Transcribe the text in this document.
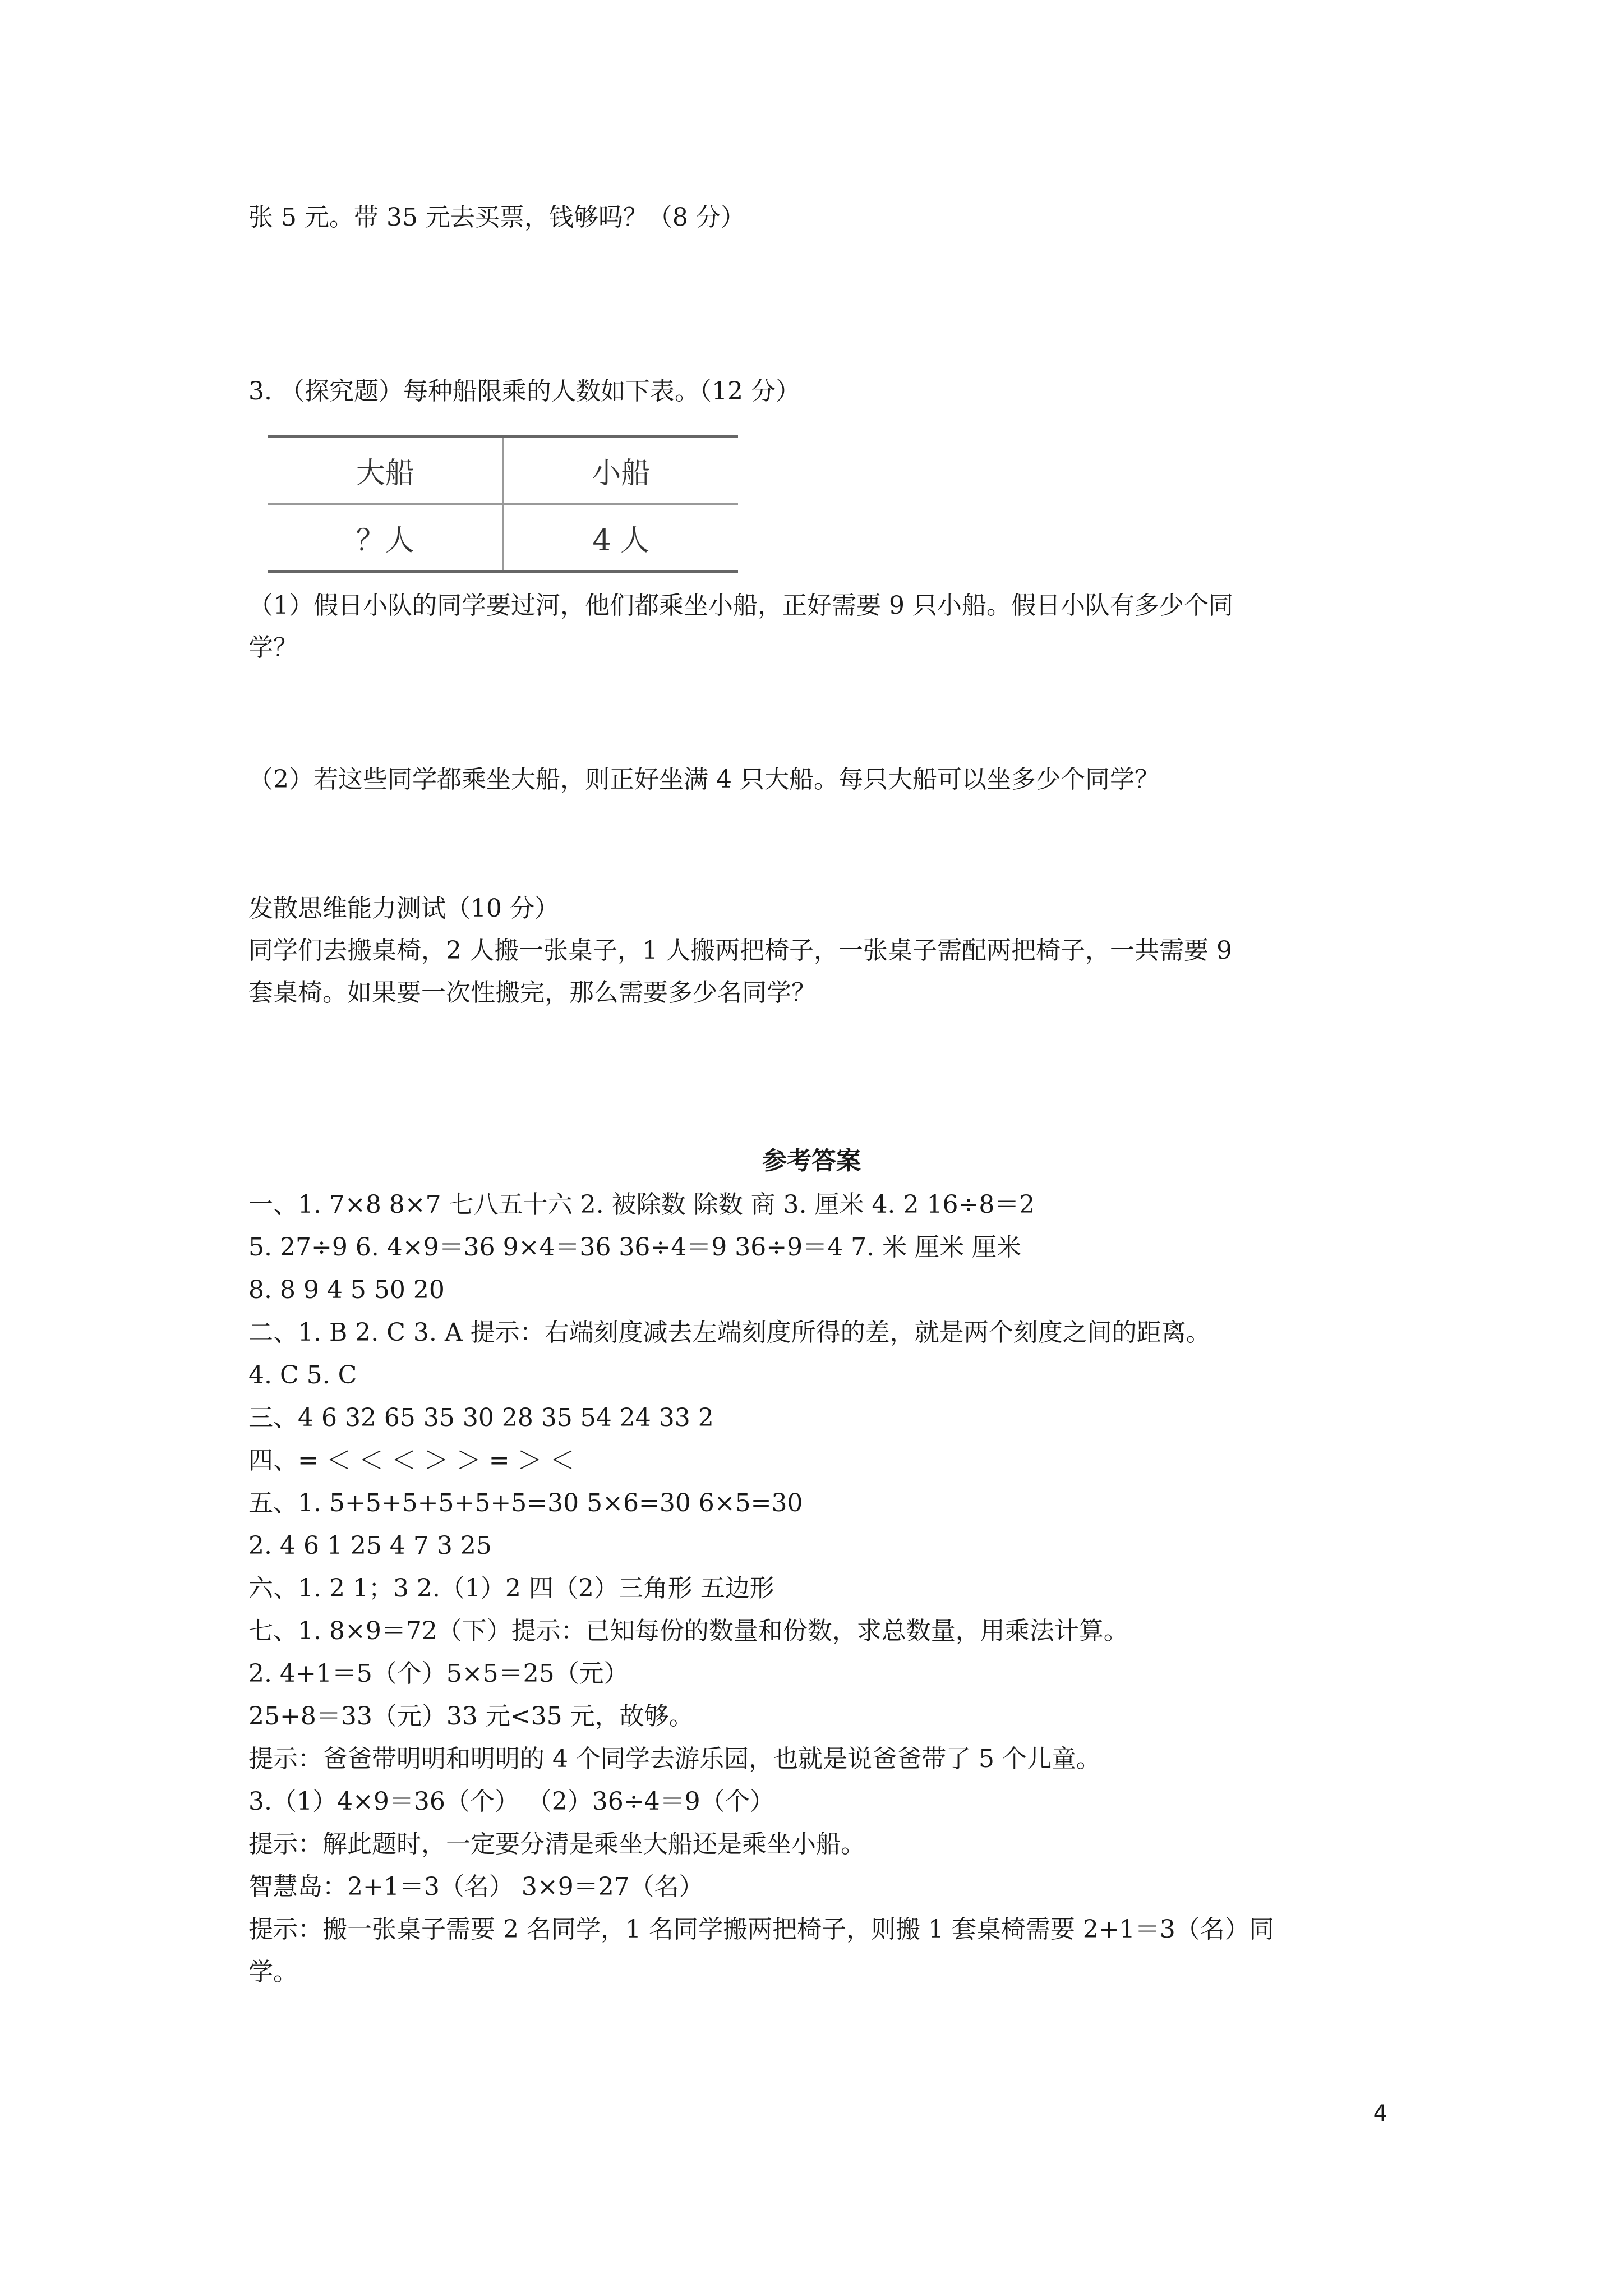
张 5 元。带 35 元去买票，钱够吗？（8 分）
3. （探究题）每种船限乘的人数如下表。（12 分）
大船	小船
？人	4 人
（1）假日小队的同学要过河，他们都乘坐小船，正好需要 9 只小船。假日小队有多少个同
学？
（2）若这些同学都乘坐大船，则正好坐满 4 只大船。每只大船可以坐多少个同学？
发散思维能力测试（10 分）
同学们去搬桌椅，2 人搬一张桌子，1 人搬两把椅子，一张桌子需配两把椅子，一共需要 9
套桌椅。如果要一次性搬完，那么需要多少名同学？
参考答案
一、1. 7×8 8×7 七八五十六 2. 被除数 除数 商 3. 厘米 4. 2 16÷8＝2
5. 27÷9 6. 4×9＝36 9×4＝36 36÷4＝9 36÷9＝4 7. 米 厘米 厘米
8. 8 9 4 5 50 20
二、1. B 2. C 3. A 提示：右端刻度减去左端刻度所得的差，就是两个刻度之间的距离。
4. C 5. C
三、4 6 32 65 35 30 28 35 54 24 33 2
四、= ＜ ＜ ＜ ＞ ＞ = ＞ ＜
五、1. 5+5+5+5+5+5=30 5×6=30 6×5=30
2. 4 6 1 25 4 7 3 25
六、1. 2 1；3 2.（1）2 四（2）三角形 五边形
七、1. 8×9＝72（下）提示：已知每份的数量和份数，求总数量，用乘法计算。
2. 4+1＝5（个）5×5＝25（元）
25+8＝33（元）33 元<35 元，故够。
提示：爸爸带明明和明明的 4 个同学去游乐园，也就是说爸爸带了 5 个儿童。
3.（1）4×9＝36（个） （2）36÷4＝9（个）
提示：解此题时，一定要分清是乘坐大船还是乘坐小船。
智慧岛：2+1＝3（名） 3×9＝27（名）
提示：搬一张桌子需要 2 名同学，1 名同学搬两把椅子，则搬 1 套桌椅需要 2+1＝3（名）同
学。
4
